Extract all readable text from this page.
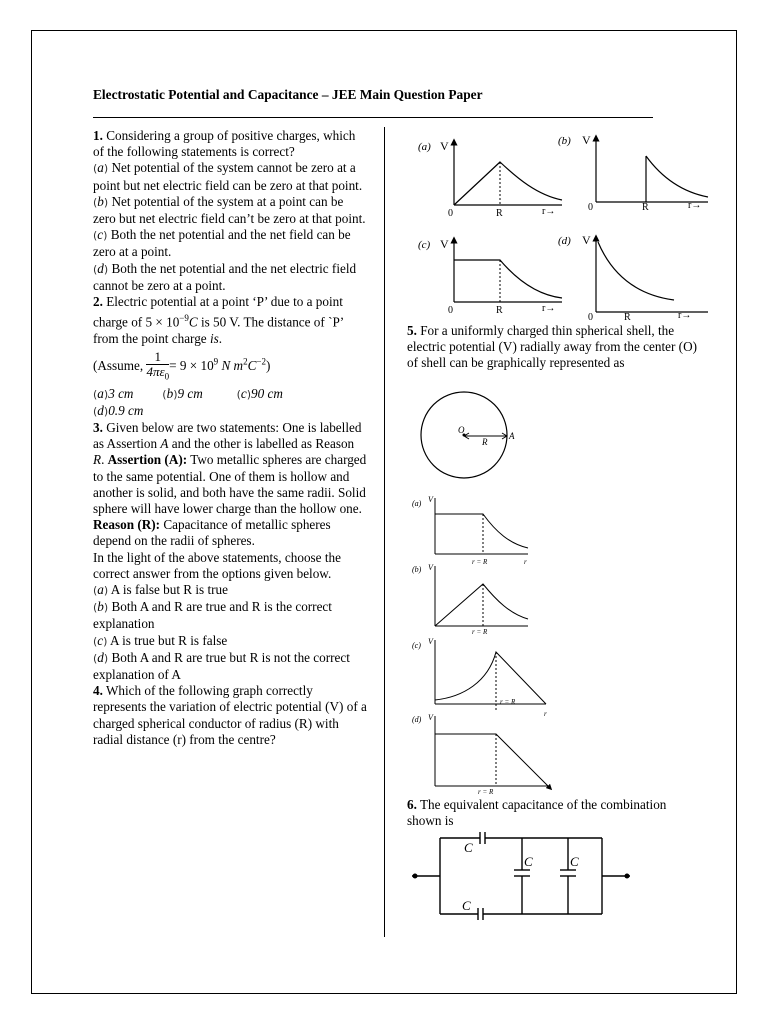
Electrostatic Potential and Capacitance – JEE Main Question Paper

1. Considering a group of positive charges, which of the following statements is correct?

(a) Net potential of the system cannot be zero at a point but net electric field can be zero at that point.

(b) Net potential of the system at a point can be zero but net electric field can’t be zero at that point.

(c) Both the net potential and the net field can be zero at a point.

(d) Both the net potential and the net electric field cannot be zero at a point.

2. Electric potential at a point ‘P’ due to a point charge of $5 \times 10^{-9}C$ is 50 V. The distance of `P’ from the point charge is.

(Assume, $\frac{1}{4\pi\varepsilon_0} = 9 \times 10^9$ N $m^2C^{-2}$)

(a)3 cm	(b)9 cm	(c)90 cm

(d)0.9 cm

3. Given below are two statements: One is labelled as Assertion A and the other is labelled as Reason R. Assertion (A): Two metallic spheres are charged to the same potential. One of them is hollow and another is solid, and both have the same radii. Solid sphere will have lower charge than the hollow one.

Reason (R): Capacitance of metallic spheres depend on the radii of spheres.

In the light of the above statements, choose the correct answer from the options given below.

(a) A is false but R is true

(b) Both A and R are true and R is the correct explanation

(c) A is true but R is false

(d) Both A and R are true but R is not the correct explanation of A

4. Which of the following graph correctly represents the variation of electric potential (V) of a charged spherical conductor of radius (R) with radial distance (r) from the centre?

(a) V
0	R	r→
(b) V
0	R	r→
(c) V
0	R	r→
(d) V
0	R	r→

5. For a uniformly charged thin spherical shell, the electric potential (V) radially away from the center (O) of shell can be graphically represented as

O
R
A
(a) V
r = R	r
(b) V
r = R
(c) V
r = R
r
(d) V
r = R

6. The equivalent capacitance of the combination shown is

C
C	C
C
